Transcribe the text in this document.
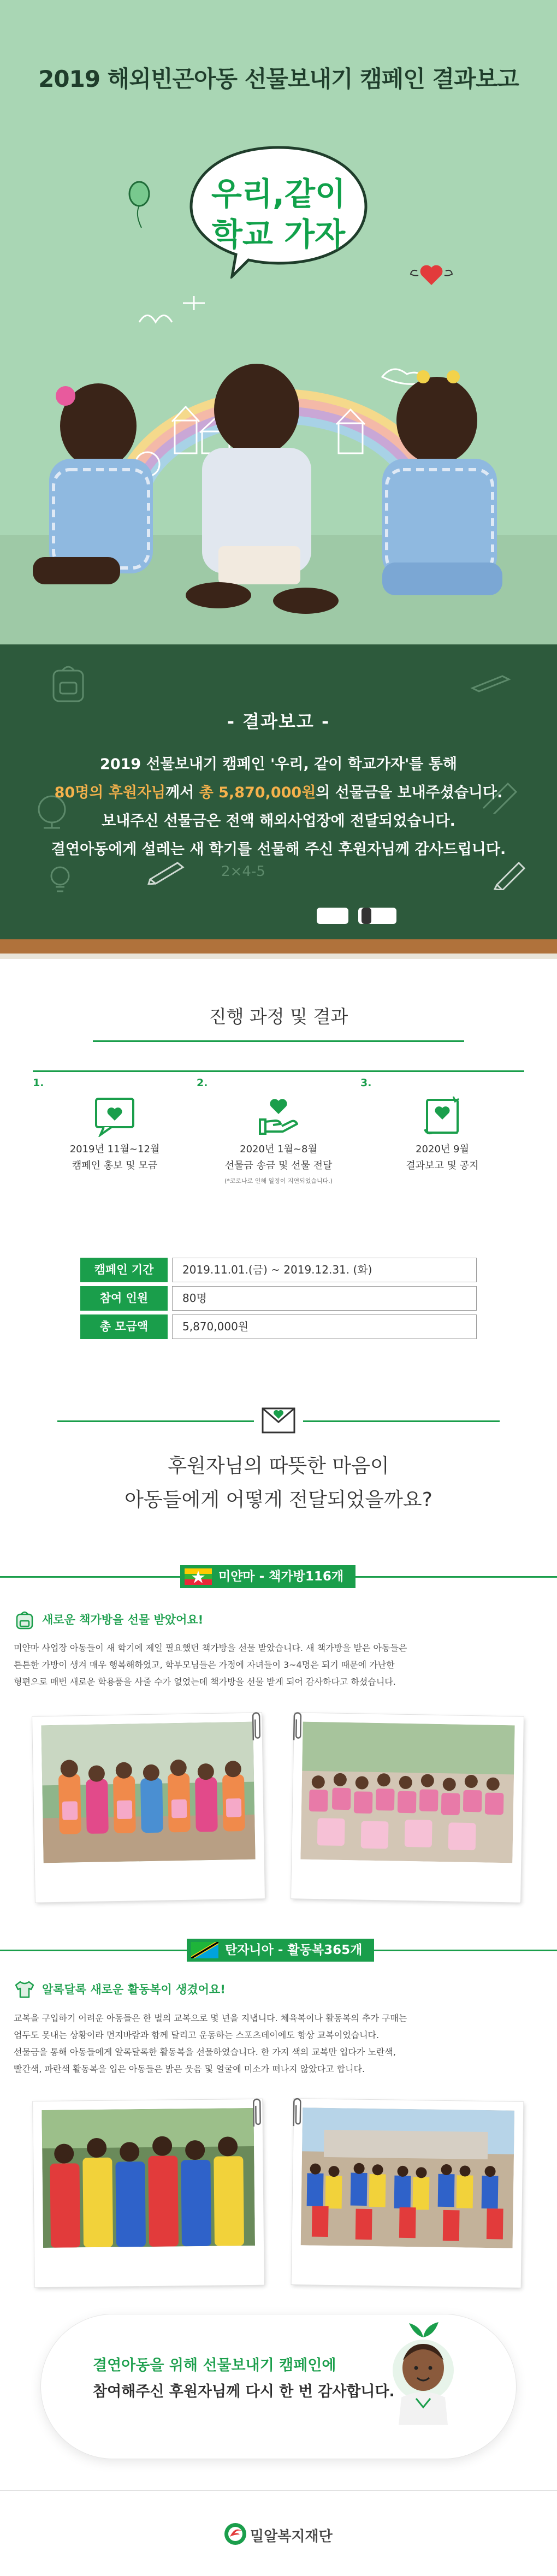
우리,같이
학교 가자
2019 해외빈곤아동 선물보내기 캠페인 결과보고
2×4-5
- 결과보고 -
2019 선물보내기 캠페인 '우리, 같이 학교가자'를 통해
80명의 후원자님께서 총 5,870,000원의 선물금을 보내주셨습니다.
보내주신 선물금은 전액 해외사업장에 전달되었습니다.
결연아동에게 설레는 새 학기를 선물해 주신 후원자님께 감사드립니다.
진행 과정 및 결과
1.
2019년 11월~12월
캠페인 홍보 및 모금
2.
2020년 1월~8월
선물금 송금 및 선물 전달
(*코로나로 인해 일정이 지연되었습니다.)
3.
2020년 9월
결과보고 및 공지
캠페인 기간	2019.11.01.(금) ~ 2019.12.31. (화)
참여 인원	80명
총 모금액	5,870,000원
후원자님의 따뜻한 마음이
아동들에게 어떻게 전달되었을까요?
미얀마 - 책가방116개
새로운 책가방을 선물 받았어요!
미얀마 사업장 아동들이 새 학기에 제일 필요했던 책가방을 선물 받았습니다. 새 책가방을 받은 아동들은
튼튼한 가방이 생겨 매우 행복해하였고, 학부모님들은 가정에 자녀들이 3~4명은 되기 때문에 가난한
형편으로 매번 새로운 학용품을 사줄 수가 없었는데 책가방을 선물 받게 되어 감사하다고 하셨습니다.
탄자니아 - 활동복365개
알록달록 새로운 활동복이 생겼어요!
교복을 구입하기 어려운 아동들은 한 벌의 교복으로 몇 년을 지냅니다. 체육복이나 활동복의 추가 구매는
엄두도 못내는 상황이라 먼지바람과 함께 달리고 운동하는 스포츠데이에도 항상 교복이었습니다.
선물금을 통해 아동들에게 알록달록한 활동복을 선물하였습니다. 한 가지 색의 교복만 입다가 노란색,
빨간색, 파란색 활동복을 입은 아동들은 밝은 웃음 및 얼굴에 미소가 떠나지 않았다고 합니다.
결연아동을 위해 선물보내기 캠페인에
참여해주신 후원자님께 다시 한 번 감사합니다.
밀알복지재단
